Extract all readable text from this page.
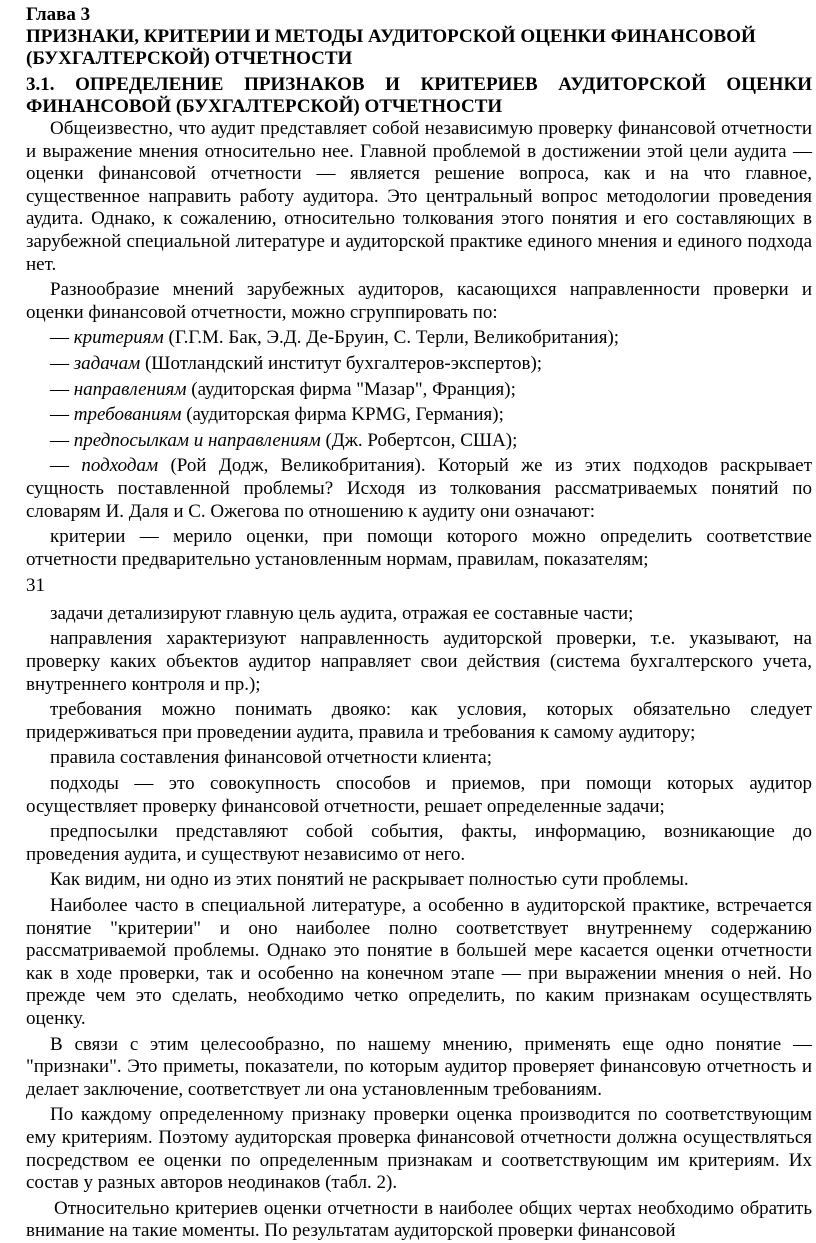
Глава 3
ПРИЗНАКИ, КРИТЕРИИ И МЕТОДЫ АУДИТОРСКОЙ ОЦЕНКИ ФИНАНСОВОЙ (БУХГАЛТЕРСКОЙ) ОТЧЕТНОСТИ
3.1. ОПРЕДЕЛЕНИЕ ПРИЗНАКОВ И КРИТЕРИЕВ АУДИТОРСКОЙ ОЦЕНКИ ФИНАНСОВОЙ (БУХГАЛТЕРСКОЙ) ОТЧЕТНОСТИ

Общеизвестно, что аудит представляет собой независимую проверку финансовой отчетности и выражение мнения относительно нее. Главной проблемой в достижении этой цели аудита — оценки финансовой отчетности — является решение вопроса, как и на что главное, существенное направить работу аудитора. Это центральный вопрос методологии проведения аудита. Однако, к сожалению, относительно толкования этого понятия и его составляющих в зарубежной специальной литературе и аудиторской практике единого мнения и единого подхода нет.

Разнообразие мнений зарубежных аудиторов, касающихся направленности проверки и оценки финансовой отчетности, можно сгруппировать по:

— критериям (Г.Г.М. Бак, Э.Д. Де-Бруин, С. Терли, Великобритания);

— задачам (Шотландский институт бухгалтеров-экспертов);

— направлениям (аудиторская фирма "Мазар", Франция);

— требованиям (аудиторская фирма KPMG, Германия);

— предпосылкам и направлениям (Дж. Робертсон, США);

— подходам (Рой Додж, Великобритания). Который же из этих подходов раскрывает сущность поставленной проблемы? Исходя из толкования рассматриваемых понятий по словарям И. Даля и С. Ожегова по отношению к аудиту они означают:

критерии — мерило оценки, при помощи которого можно определить соответствие отчетности предварительно установленным нормам, правилам, показателям;

31

задачи детализируют главную цель аудита, отражая ее составные части;

направления характеризуют направленность аудиторской проверки, т.е. указывают, на проверку каких объектов аудитор направляет свои действия (система бухгалтерского учета, внутреннего контроля и пр.);

требования можно понимать двояко: как условия, которых обязательно следует придерживаться при проведении аудита, правила и требования к самому аудитору;

правила составления финансовой отчетности клиента;

подходы — это совокупность способов и приемов, при помощи которых аудитор осуществляет проверку финансовой отчетности, решает определенные задачи;

предпосылки представляют собой события, факты, информацию, возникающие до проведения аудита, и существуют независимо от него.

Как видим, ни одно из этих понятий не раскрывает полностью сути проблемы.

Наиболее часто в специальной литературе, а особенно в аудиторской практике, встречается понятие "критерии" и оно наиболее полно соответствует внутреннему содержанию рассматриваемой проблемы. Однако это понятие в большей мере касается оценки отчетности как в ходе проверки, так и особенно на конечном этапе — при выражении мнения о ней. Но прежде чем это сделать, необходимо четко определить, по каким признакам осуществлять оценку.

В связи с этим целесообразно, по нашему мнению, применять еще одно понятие — "признаки". Это приметы, показатели, по которым аудитор проверяет финансовую отчетность и делает заключение, соответствует ли она установленным требованиям.

По каждому определенному признаку проверки оценка производится по соответствующим ему критериям. Поэтому аудиторская проверка финансовой отчетности должна осуществляться посредством ее оценки по определенным признакам и соответствующим им критериям. Их состав у разных авторов неодинаков (табл. 2).

Относительно критериев оценки отчетности в наиболее общих чертах необходимо обратить внимание на такие моменты. По результатам аудиторской проверки финансовой
